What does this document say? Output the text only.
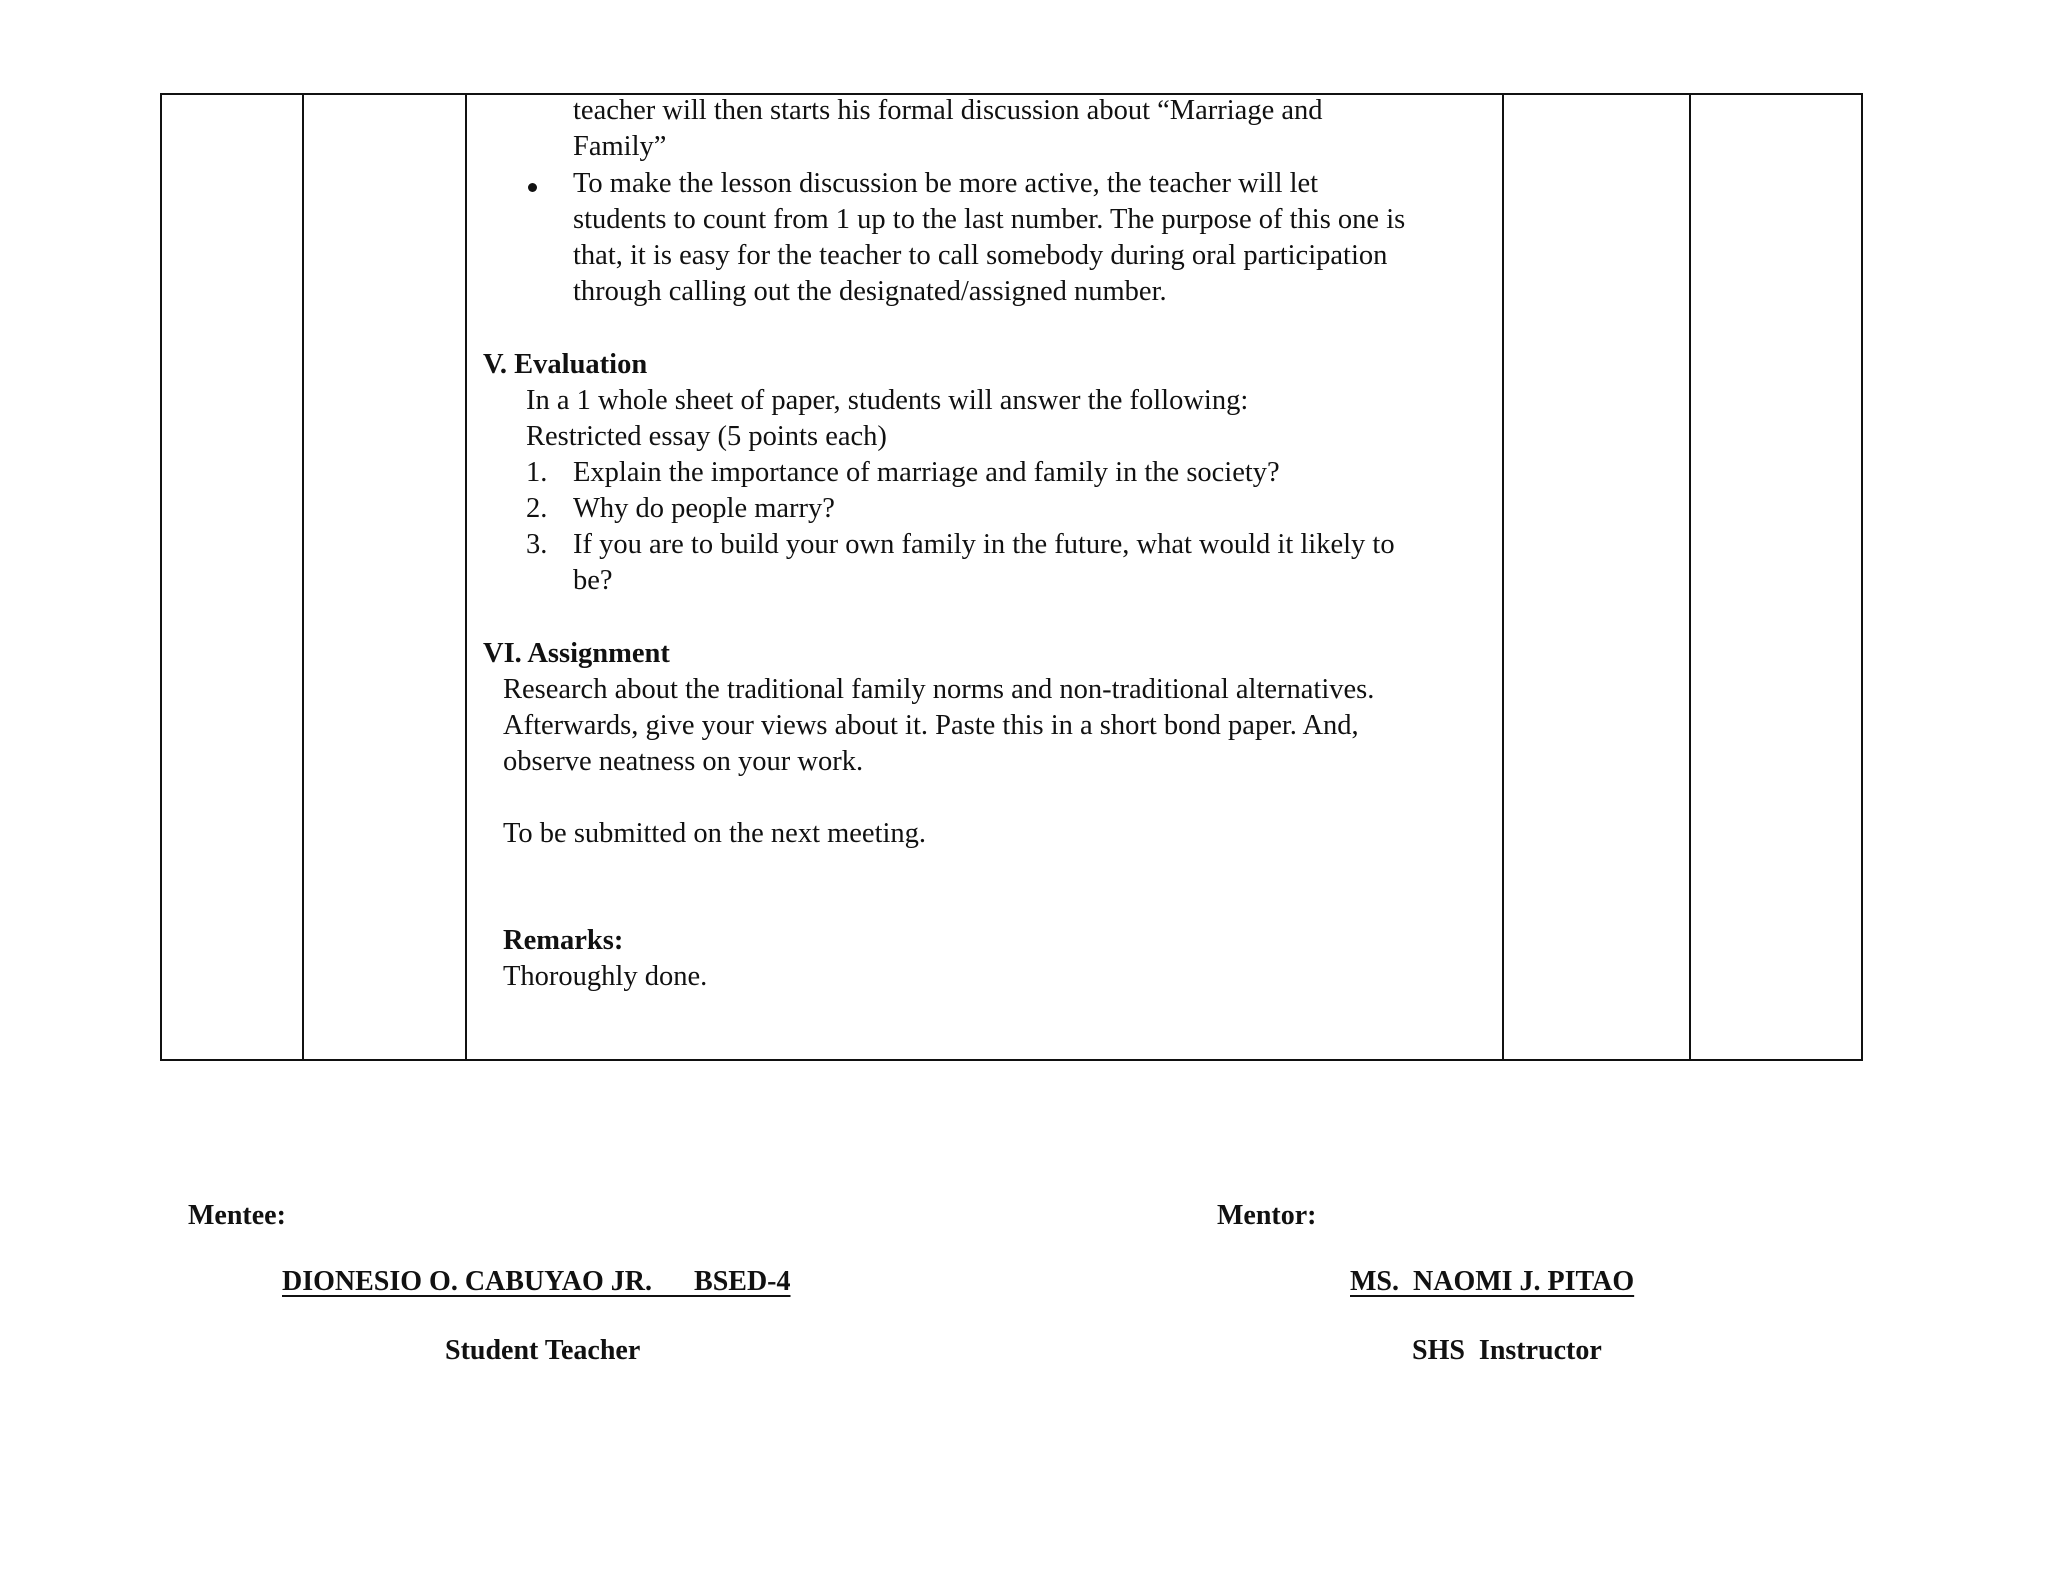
teacher will then starts his formal discussion about “Marriage and
Family”
To make the lesson discussion be more active, the teacher will let
students to count from 1 up to the last number. The purpose of this one is
that, it is easy for the teacher to call somebody during oral participation
through calling out the designated/assigned number.
V. Evaluation
In a 1 whole sheet of paper, students will answer the following:
Restricted essay (5 points each)
1. Explain the importance of marriage and family in the society?
2. Why do people marry?
3. If you are to build your own family in the future, what would it likely to
be?
VI. Assignment
Research about the traditional family norms and non-traditional alternatives.
Afterwards, give your views about it. Paste this in a short bond paper. And,
observe neatness on your work.
To be submitted on the next meeting.
Remarks:
Thoroughly done.
Mentee:
DIONESIO O. CABUYAO JR.      BSED-4
Student Teacher
Mentor:
MS.  NAOMI J. PITAO
SHS  Instructor
